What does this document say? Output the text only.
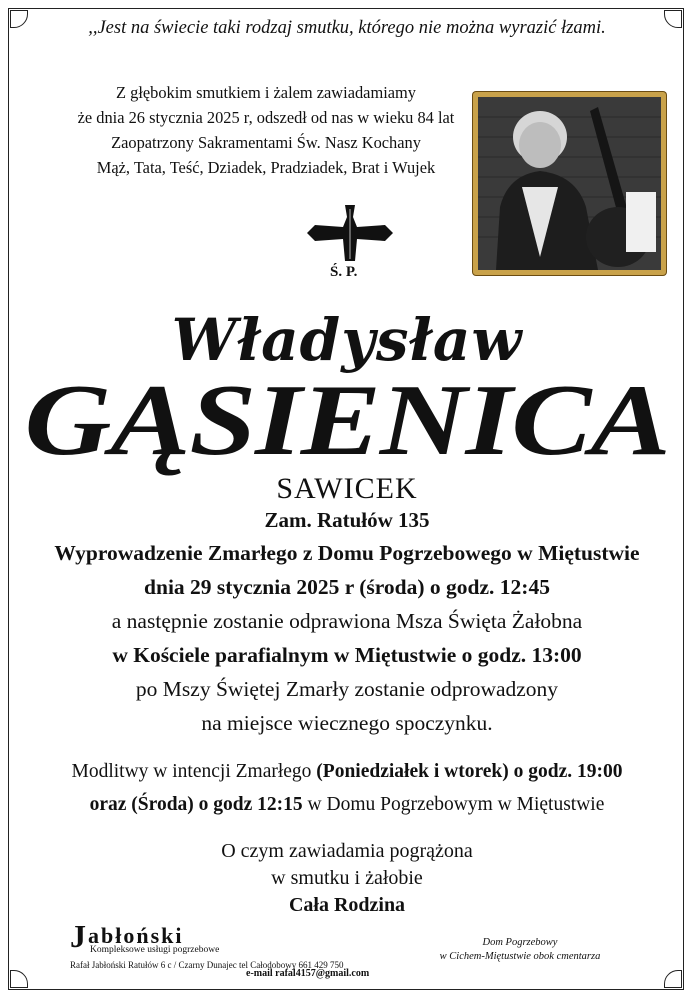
,,Jest na świecie taki rodzaj smutku, którego nie można wyrazić łzami.
Z głębokim smutkiem i żalem zawiadamiamy
że dnia 26 stycznia 2025 r, odszedł od nas w wieku 84 lat
Zaopatrzony Sakramentami Św. Nasz Kochany
Mąż, Tata, Teść, Dziadek, Pradziadek, Brat i Wujek
Ś. P.
Władysław
GĄSIENICA
SAWICEK
Zam. Ratułów 135
Wyprowadzenie Zmarłego z Domu Pogrzebowego w Miętustwie
dnia 29 stycznia 2025 r (środa) o godz. 12:45
a następnie zostanie odprawiona Msza Święta Żałobna
w Kościele parafialnym w Miętustwie o godz. 13:00
po Mszy Świętej Zmarły zostanie odprowadzony
na miejsce wiecznego spoczynku.
Modlitwy w intencji Zmarłego (Poniedziałek i wtorek) o godz. 19:00
oraz (Środa) o godz 12:15 w Domu Pogrzebowym w Miętustwie
O czym zawiadamia pogrążona
w smutku i żałobie
Cała Rodzina
Jabłoński
Kompleksowe usługi pogrzebowe
Rafał Jabłoński Ratułów 6 c / Czarny Dunajec tel Całodobowy 661 429 750
Dom Pogrzebowy
w Cichem-Miętustwie obok cmentarza
e-mail rafal4157@gmail.com
